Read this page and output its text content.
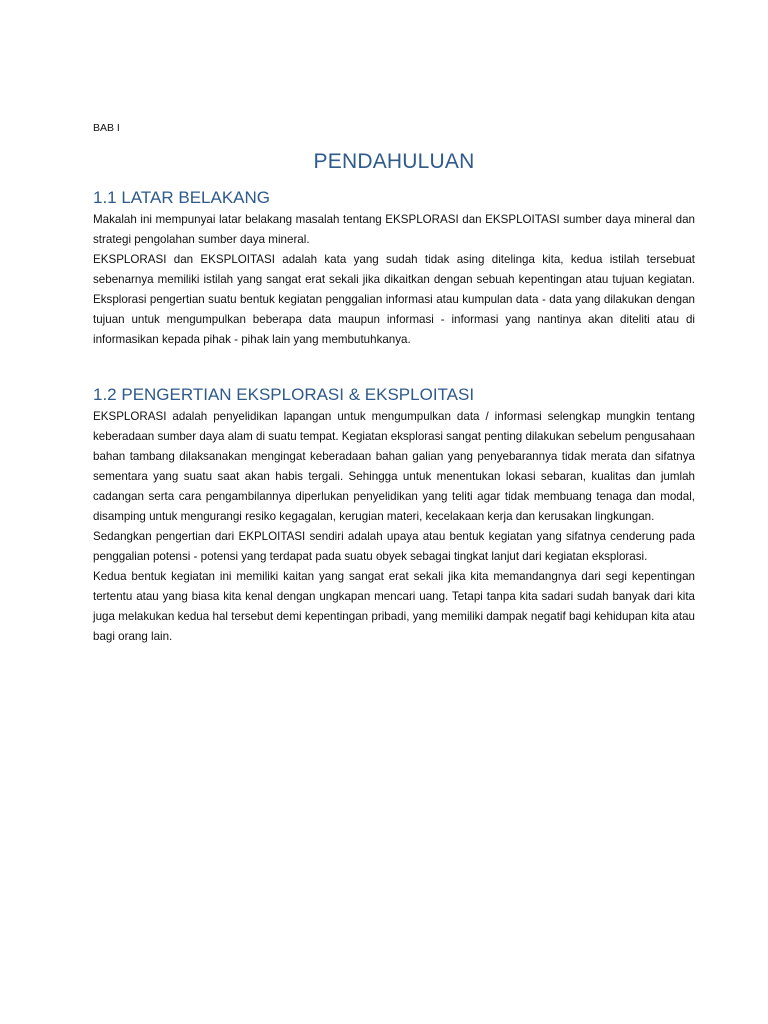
BAB I
PENDAHULUAN
1.1 LATAR BELAKANG

Makalah ini mempunyai latar belakang masalah tentang EKSPLORASI dan EKSPLOITASI sumber daya mineral dan strategi pengolahan sumber daya mineral.

EKSPLORASI dan EKSPLOITASI adalah kata yang sudah tidak asing ditelinga kita, kedua istilah tersebuat sebenarnya memiliki istilah yang sangat erat sekali jika dikaitkan dengan sebuah kepentingan atau tujuan kegiatan. Eksplorasi pengertian suatu bentuk kegiatan penggalian informasi atau kumpulan data - data yang dilakukan dengan tujuan untuk mengumpulkan beberapa data maupun informasi - informasi yang nantinya akan diteliti atau di informasikan kepada pihak - pihak lain yang membutuhkanya.

1.2 PENGERTIAN EKSPLORASI & EKSPLOITASI

EKSPLORASI adalah penyelidikan lapangan untuk mengumpulkan data / informasi selengkap mungkin tentang keberadaan sumber daya alam di suatu tempat. Kegiatan eksplorasi sangat penting dilakukan sebelum pengusahaan bahan tambang dilaksanakan mengingat keberadaan bahan galian yang penyebarannya tidak merata dan sifatnya sementara yang suatu saat akan habis tergali. Sehingga untuk menentukan lokasi sebaran, kualitas dan jumlah cadangan serta cara pengambilannya diperlukan penyelidikan yang teliti agar tidak membuang tenaga dan modal, disamping untuk mengurangi resiko kegagalan, kerugian materi, kecelakaan kerja dan kerusakan lingkungan.

Sedangkan pengertian dari EKPLOITASI sendiri adalah upaya atau bentuk kegiatan yang sifatnya cenderung pada penggalian potensi - potensi yang terdapat pada suatu obyek sebagai tingkat lanjut dari kegiatan eksplorasi.

Kedua bentuk kegiatan ini memiliki kaitan yang sangat erat sekali jika kita memandangnya dari segi kepentingan tertentu atau yang biasa kita kenal dengan ungkapan mencari uang. Tetapi tanpa kita sadari sudah banyak dari kita juga melakukan kedua hal tersebut demi kepentingan pribadi, yang memiliki dampak negatif bagi kehidupan kita atau bagi orang lain.
